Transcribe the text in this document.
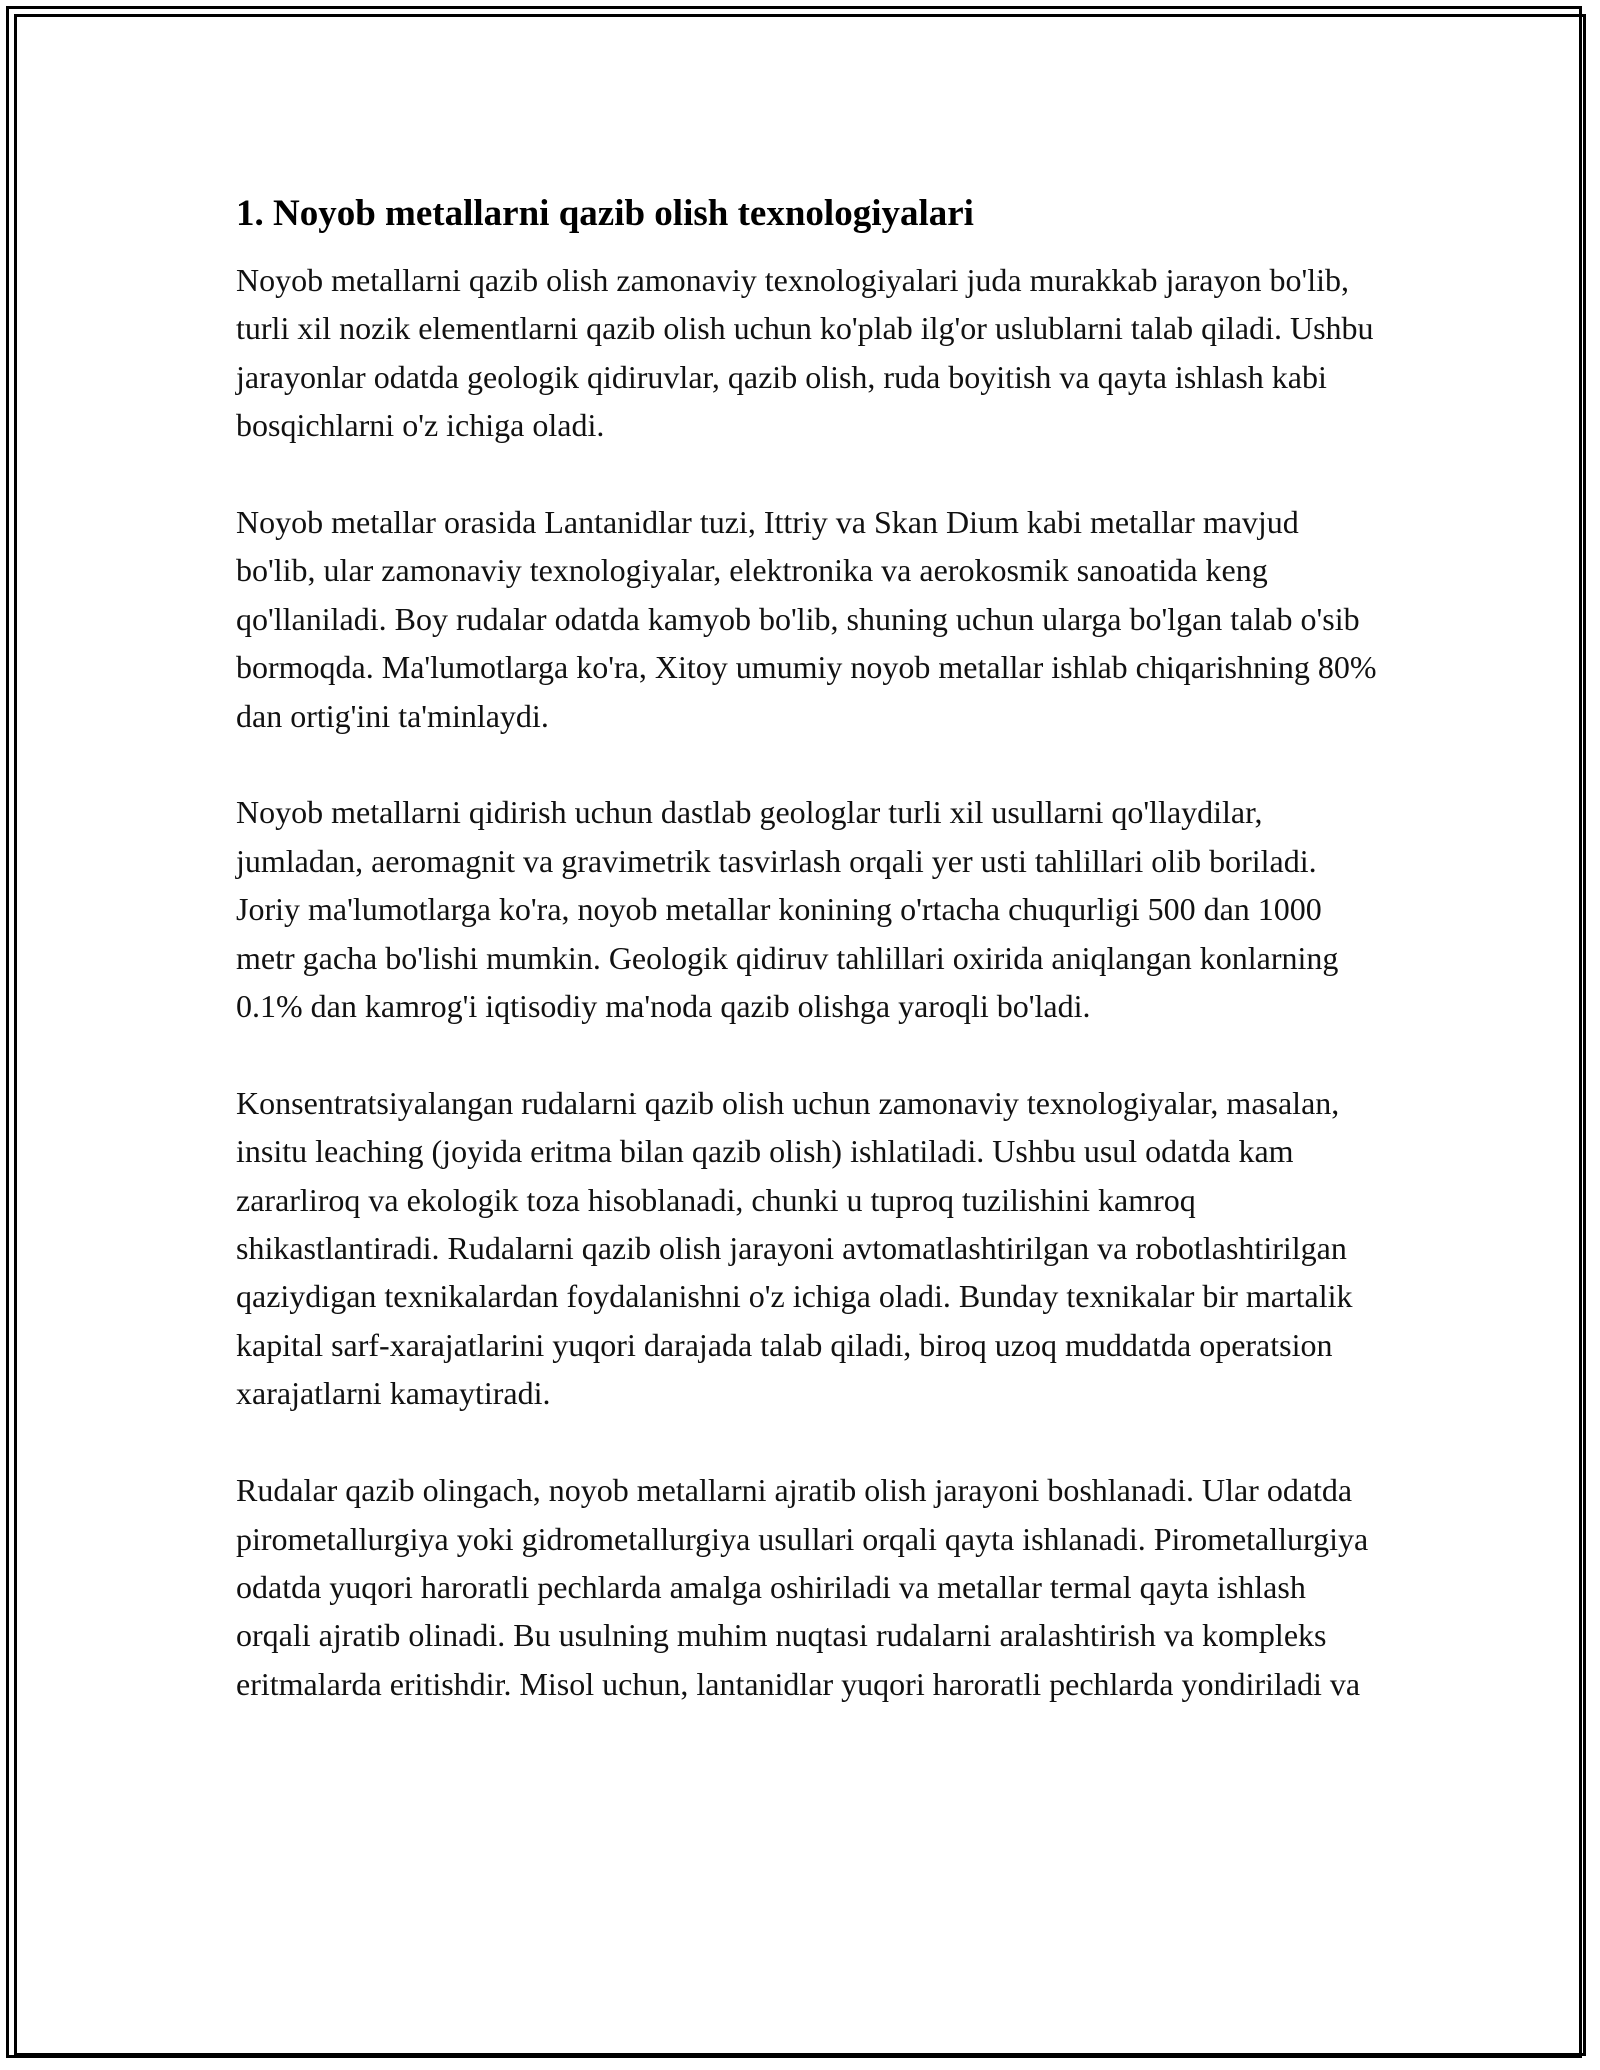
1. Noyob metallarni qazib olish texnologiyalari

Noyob metallarni qazib olish zamonaviy texnologiyalari juda murakkab jarayon bo'lib, turli xil nozik elementlarni qazib olish uchun ko'plab ilg'or uslublarni talab qiladi. Ushbu jarayonlar odatda geologik qidiruvlar, qazib olish, ruda boyitish va qayta ishlash kabi bosqichlarni o'z ichiga oladi.

Noyob metallar orasida Lantanidlar tuzi, Ittriy va Skan Dium kabi metallar mavjud bo'lib, ular zamonaviy texnologiyalar, elektronika va aerokosmik sanoatida keng qo'llaniladi. Boy rudalar odatda kamyob bo'lib, shuning uchun ularga bo'lgan talab o'sib bormoqda. Ma'lumotlarga ko'ra, Xitoy umumiy noyob metallar ishlab chiqarishning 80% dan ortig'ini ta'minlaydi.

Noyob metallarni qidirish uchun dastlab geologlar turli xil usullarni qo'llaydilar, jumladan, aeromagnit va gravimetrik tasvirlash orqali yer usti tahlillari olib boriladi. Joriy ma'lumotlarga ko'ra, noyob metallar konining o'rtacha chuqurligi 500 dan 1000 metr gacha bo'lishi mumkin. Geologik qidiruv tahlillari oxirida aniqlangan konlarning 0.1% dan kamrog'i iqtisodiy ma'noda qazib olishga yaroqli bo'ladi.

Konsentratsiyalangan rudalarni qazib olish uchun zamonaviy texnologiyalar, masalan, insitu leaching (joyida eritma bilan qazib olish) ishlatiladi. Ushbu usul odatda kam zararliroq va ekologik toza hisoblanadi, chunki u tuproq tuzilishini kamroq shikastlantiradi. Rudalarni qazib olish jarayoni avtomatlashtirilgan va robotlashtirilgan qaziydigan texnikalardan foydalanishni o'z ichiga oladi. Bunday texnikalar bir martalik kapital sarf-xarajatlarini yuqori darajada talab qiladi, biroq uzoq muddatda operatsion xarajatlarni kamaytiradi.

Rudalar qazib olingach, noyob metallarni ajratib olish jarayoni boshlanadi. Ular odatda pirometallurgiya yoki gidrometallurgiya usullari orqali qayta ishlanadi. Pirometallurgiya odatda yuqori haroratli pechlarda amalga oshiriladi va metallar termal qayta ishlash orqali ajratib olinadi. Bu usulning muhim nuqtasi rudalarni aralashtirish va kompleks eritmalarda eritishdir. Misol uchun, lantanidlar yuqori haroratli pechlarda yondiriladi va
